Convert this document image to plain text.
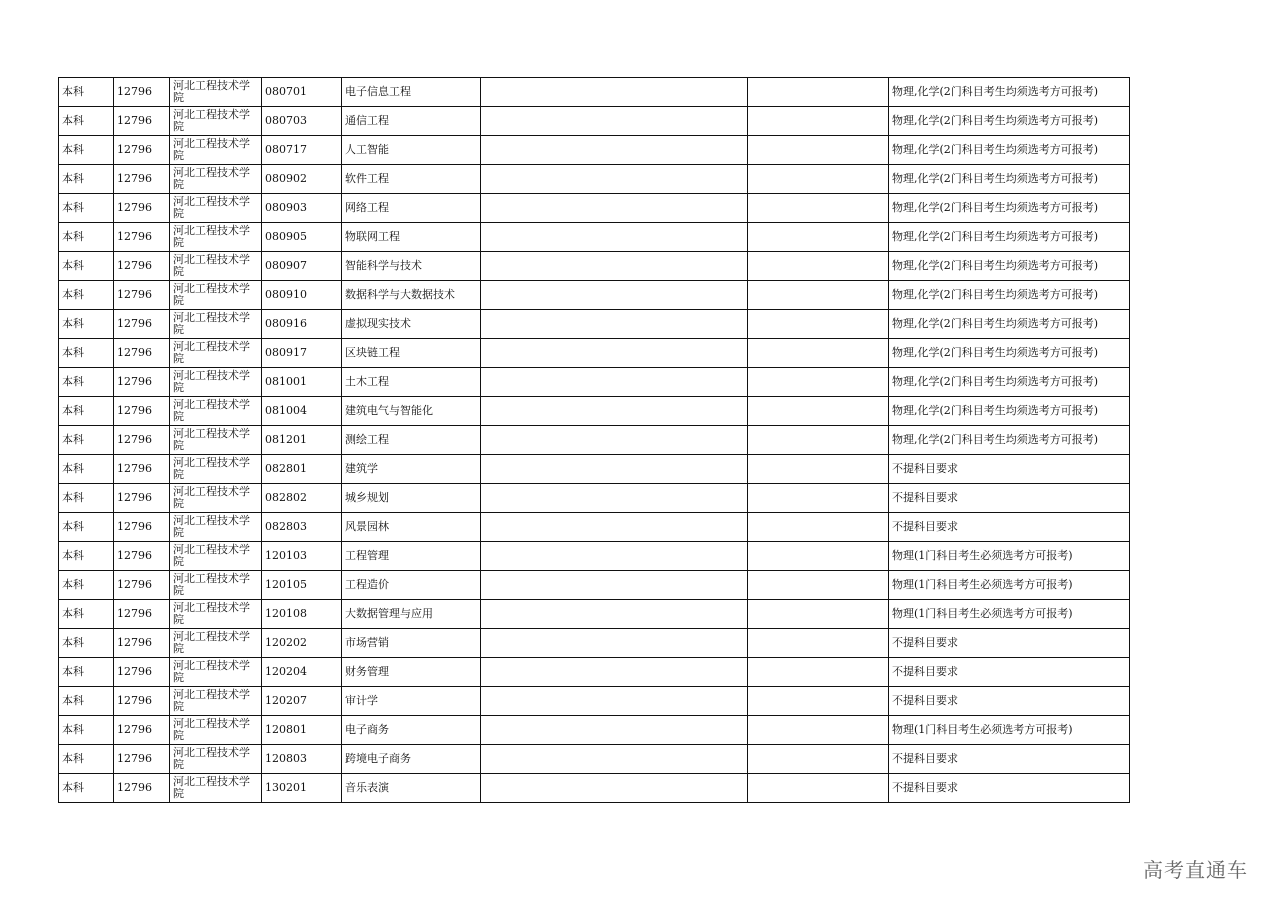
本科	12796	河北工程技术学院	080701	电子信息工程			物理,化学(2门科目考生均须选考方可报考)
本科	12796	河北工程技术学院	080703	通信工程			物理,化学(2门科目考生均须选考方可报考)
本科	12796	河北工程技术学院	080717	人工智能			物理,化学(2门科目考生均须选考方可报考)
本科	12796	河北工程技术学院	080902	软件工程			物理,化学(2门科目考生均须选考方可报考)
本科	12796	河北工程技术学院	080903	网络工程			物理,化学(2门科目考生均须选考方可报考)
本科	12796	河北工程技术学院	080905	物联网工程			物理,化学(2门科目考生均须选考方可报考)
本科	12796	河北工程技术学院	080907	智能科学与技术			物理,化学(2门科目考生均须选考方可报考)
本科	12796	河北工程技术学院	080910	数据科学与大数据技术			物理,化学(2门科目考生均须选考方可报考)
本科	12796	河北工程技术学院	080916	虚拟现实技术			物理,化学(2门科目考生均须选考方可报考)
本科	12796	河北工程技术学院	080917	区块链工程			物理,化学(2门科目考生均须选考方可报考)
本科	12796	河北工程技术学院	081001	土木工程			物理,化学(2门科目考生均须选考方可报考)
本科	12796	河北工程技术学院	081004	建筑电气与智能化			物理,化学(2门科目考生均须选考方可报考)
本科	12796	河北工程技术学院	081201	测绘工程			物理,化学(2门科目考生均须选考方可报考)
本科	12796	河北工程技术学院	082801	建筑学			不提科目要求
本科	12796	河北工程技术学院	082802	城乡规划			不提科目要求
本科	12796	河北工程技术学院	082803	风景园林			不提科目要求
本科	12796	河北工程技术学院	120103	工程管理			物理(1门科目考生必须选考方可报考)
本科	12796	河北工程技术学院	120105	工程造价			物理(1门科目考生必须选考方可报考)
本科	12796	河北工程技术学院	120108	大数据管理与应用			物理(1门科目考生必须选考方可报考)
本科	12796	河北工程技术学院	120202	市场营销			不提科目要求
本科	12796	河北工程技术学院	120204	财务管理			不提科目要求
本科	12796	河北工程技术学院	120207	审计学			不提科目要求
本科	12796	河北工程技术学院	120801	电子商务			物理(1门科目考生必须选考方可报考)
本科	12796	河北工程技术学院	120803	跨境电子商务			不提科目要求
本科	12796	河北工程技术学院	130201	音乐表演			不提科目要求
高考直通车
